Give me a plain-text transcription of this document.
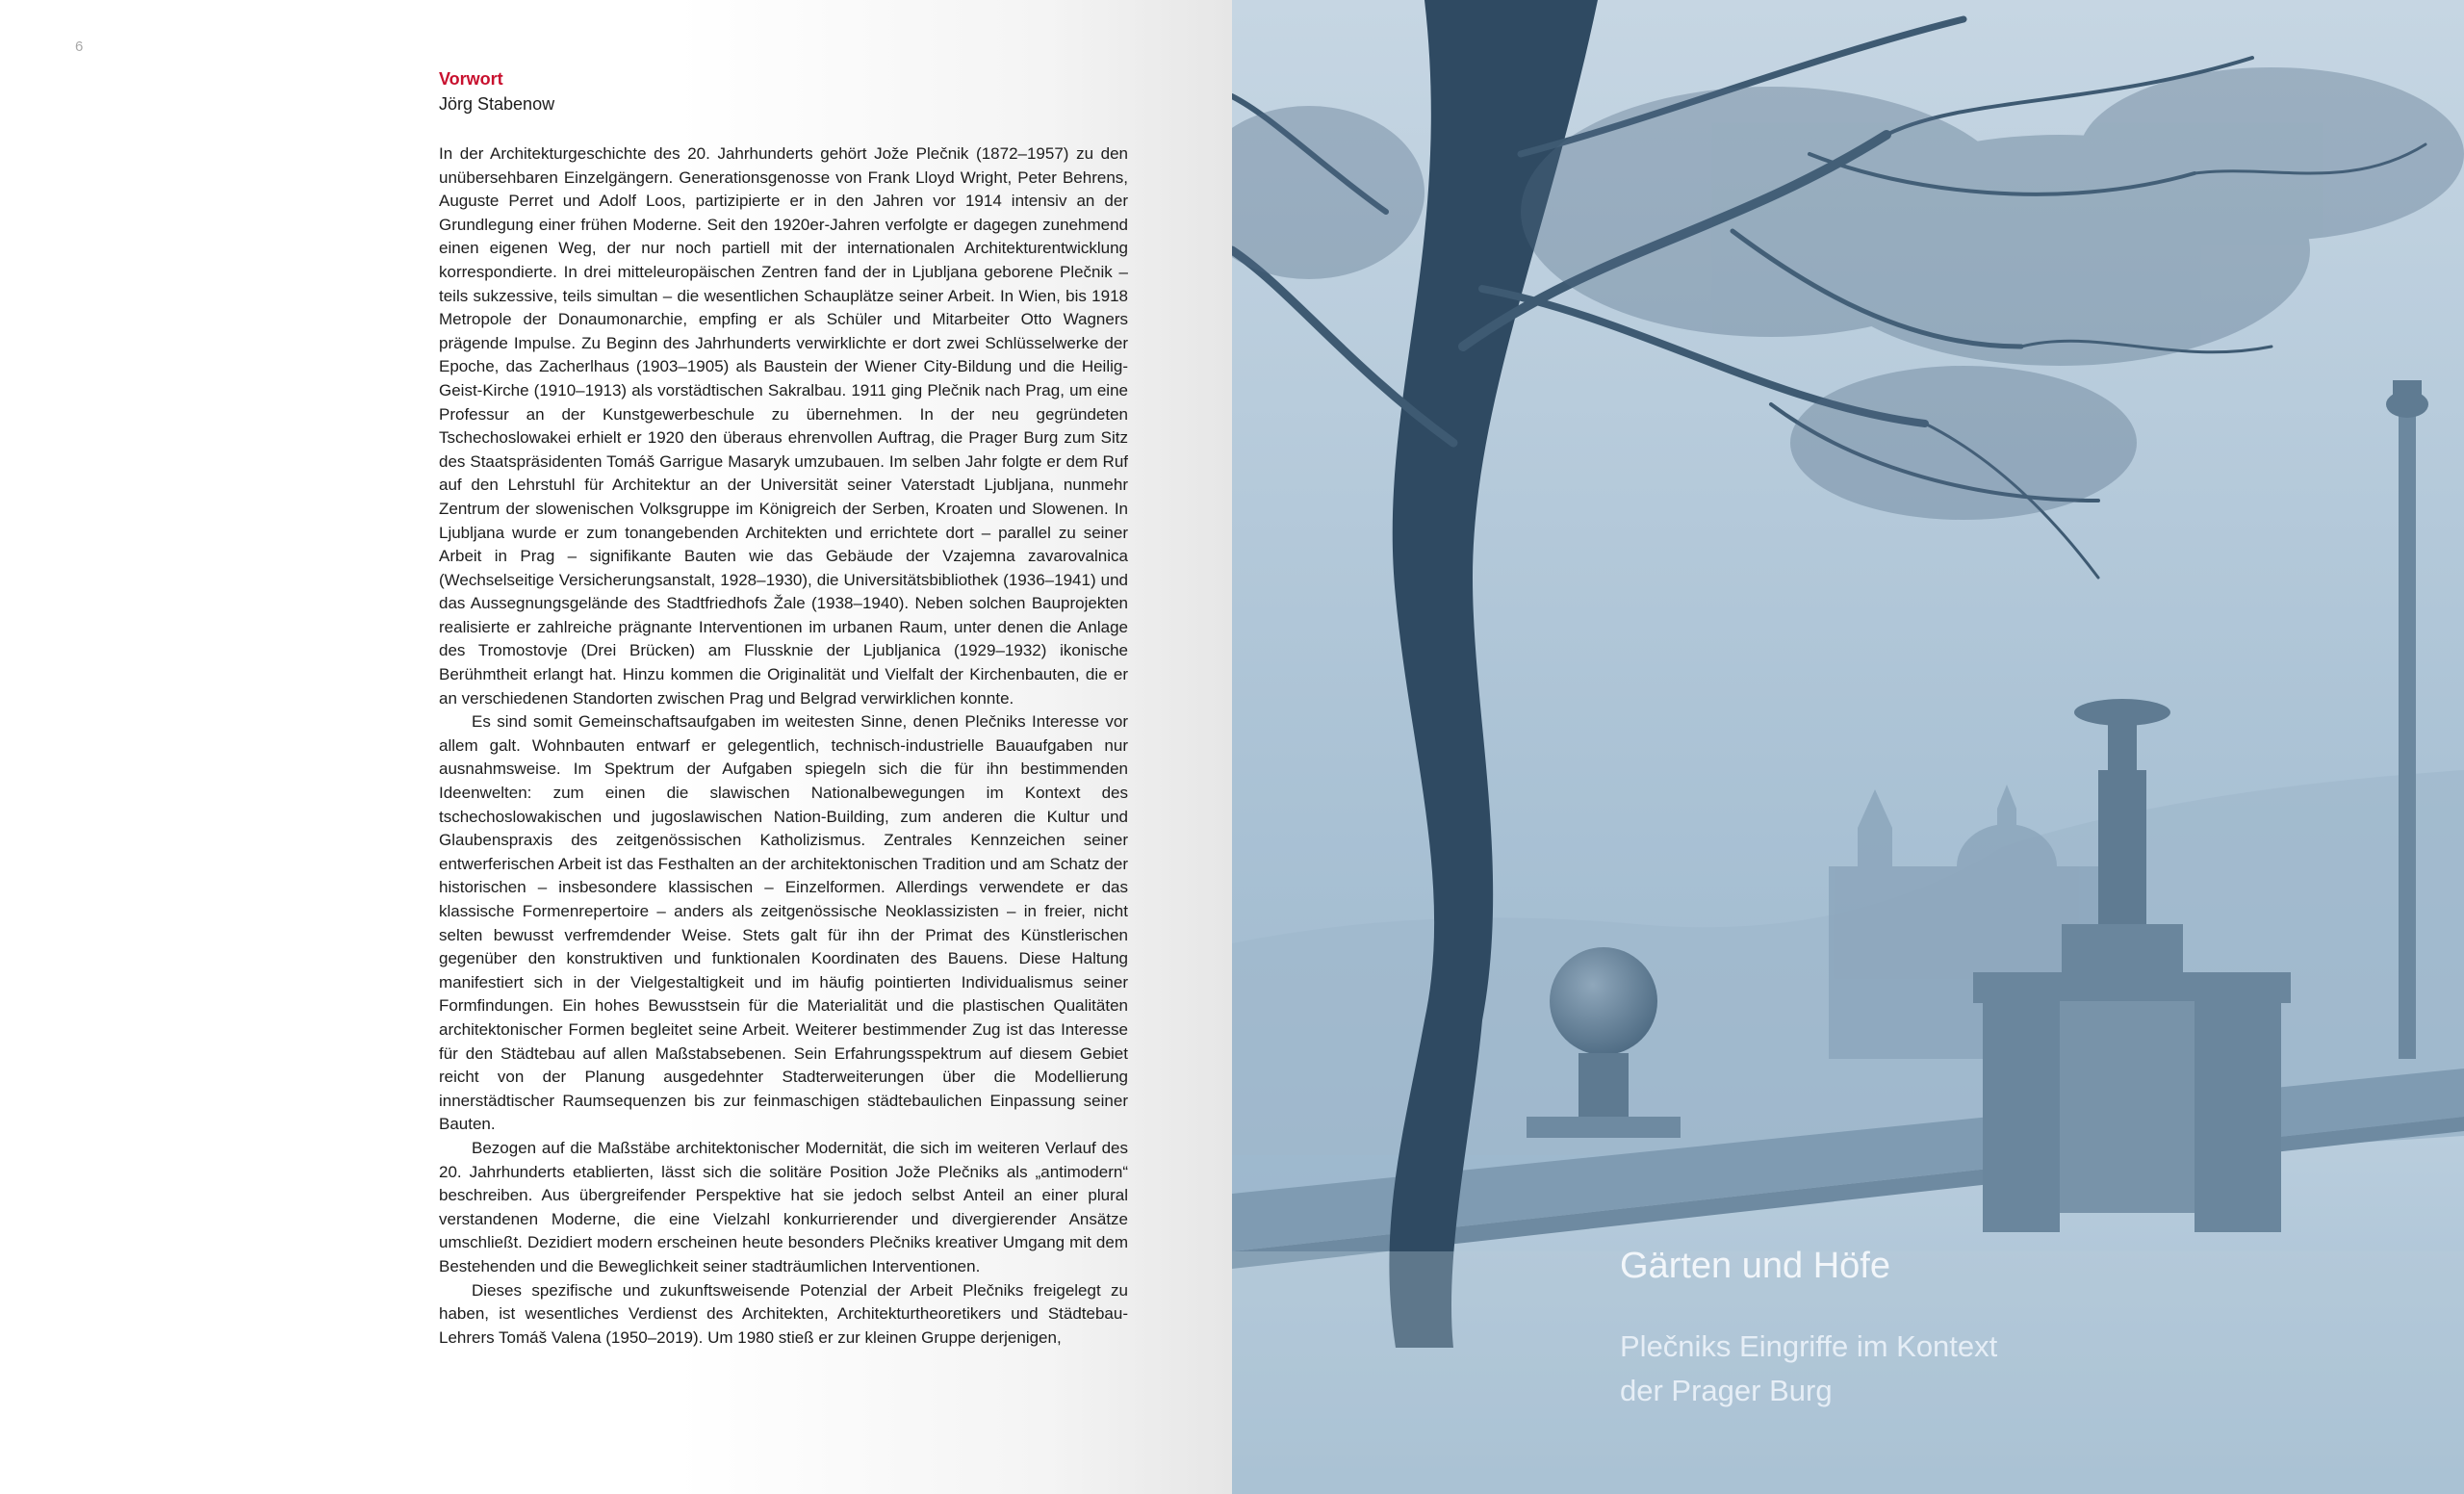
6
Vorwort
Jörg Stabenow

In der Architekturgeschichte des 20. Jahrhunderts gehört Jože Plečnik (1872–1957) zu den unübersehbaren Einzelgängern. Generationsgenosse von Frank Lloyd Wright, Peter Behrens, Auguste Perret und Adolf Loos, partizipierte er in den Jahren vor 1914 intensiv an der Grundlegung einer frühen Moderne. Seit den 1920er-Jahren verfolgte er dagegen zunehmend einen eigenen Weg, der nur noch partiell mit der internationalen Architekturentwicklung korrespondierte. In drei mitteleuropäischen Zentren fand der in Ljubljana geborene Plečnik – teils sukzessive, teils simultan – die wesentlichen Schauplätze seiner Arbeit. In Wien, bis 1918 Metropole der Donaumonarchie, empfing er als Schüler und Mitarbeiter Otto Wagners prägende Impulse. Zu Beginn des Jahrhunderts verwirklichte er dort zwei Schlüsselwerke der Epoche, das Zacherlhaus (1903–1905) als Baustein der Wiener City-Bildung und die Heilig-Geist-Kirche (1910–1913) als vorstädtischen Sakralbau. 1911 ging Plečnik nach Prag, um eine Professur an der Kunstgewerbeschule zu übernehmen. In der neu gegründeten Tschechoslowakei erhielt er 1920 den überaus ehrenvollen Auftrag, die Prager Burg zum Sitz des Staatspräsidenten Tomáš Garrigue Masaryk umzubauen. Im selben Jahr folgte er dem Ruf auf den Lehrstuhl für Architektur an der Universität seiner Vaterstadt Ljubljana, nunmehr Zentrum der slowenischen Volksgruppe im Königreich der Serben, Kroaten und Slowenen. In Ljubljana wurde er zum tonangebenden Architekten und errichtete dort – parallel zu seiner Arbeit in Prag – signifikante Bauten wie das Gebäude der Vzajemna zavarovalnica (Wechselseitige Versicherungsanstalt, 1928–1930), die Universitätsbibliothek (1936–1941) und das Aussegnungsgelände des Stadtfriedhofs Žale (1938–1940). Neben solchen Bauprojekten realisierte er zahlreiche prägnante Interventionen im urbanen Raum, unter denen die Anlage des Tromostovje (Drei Brücken) am Flussknie der Ljubljanica (1929–1932) ikonische Berühmtheit erlangt hat. Hinzu kommen die Originalität und Vielfalt der Kirchenbauten, die er an verschiedenen Standorten zwischen Prag und Belgrad verwirklichen konnte.

Es sind somit Gemeinschaftsaufgaben im weitesten Sinne, denen Plečniks Interesse vor allem galt. Wohnbauten entwarf er gelegentlich, technisch-industrielle Bauaufgaben nur ausnahmsweise. Im Spektrum der Aufgaben spiegeln sich die für ihn bestimmenden Ideenwelten: zum einen die slawischen Nationalbewegungen im Kontext des tschechoslowakischen und jugoslawischen Nation-Building, zum anderen die Kultur und Glaubenspraxis des zeitgenössischen Katholizismus. Zentrales Kennzeichen seiner entwerferischen Arbeit ist das Festhalten an der architektonischen Tradition und am Schatz der historischen – insbesondere klassischen – Einzelformen. Allerdings verwendete er das klassische Formenrepertoire – anders als zeitgenössische Neoklassizisten – in freier, nicht selten bewusst verfremdender Weise. Stets galt für ihn der Primat des Künstlerischen gegenüber den konstruktiven und funktionalen Koordinaten des Bauens. Diese Haltung manifestiert sich in der Vielgestaltigkeit und im häufig pointierten Individualismus seiner Formfindungen. Ein hohes Bewusstsein für die Materialität und die plastischen Qualitäten architektonischer Formen begleitet seine Arbeit. Weiterer bestimmender Zug ist das Interesse für den Städtebau auf allen Maßstabsebenen. Sein Erfahrungsspektrum auf diesem Gebiet reicht von der Planung ausgedehnter Stadterweiterungen über die Modellierung innerstädtischer Raumsequenzen bis zur feinmaschigen städtebaulichen Einpassung seiner Bauten.

Bezogen auf die Maßstäbe architektonischer Modernität, die sich im weiteren Verlauf des 20. Jahrhunderts etablierten, lässt sich die solitäre Position Jože Plečniks als „antimodern“ beschreiben. Aus übergreifender Perspektive hat sie jedoch selbst Anteil an einer plural verstandenen Moderne, die eine Vielzahl konkurrierender und divergierender Ansätze umschließt. Dezidiert modern erscheinen heute besonders Plečniks kreativer Umgang mit dem Bestehenden und die Beweglichkeit seiner stadträumlichen Interventionen.

Dieses spezifische und zukunftsweisende Potenzial der Arbeit Plečniks freigelegt zu haben, ist wesentliches Verdienst des Architekten, Architekturtheoretikers und Städtebau-Lehrers Tomáš Valena (1950–2019). Um 1980 stieß er zur kleinen Gruppe derjenigen,

Gärten und Höfe
Plečniks Eingriffe im Kontext
der Prager Burg
